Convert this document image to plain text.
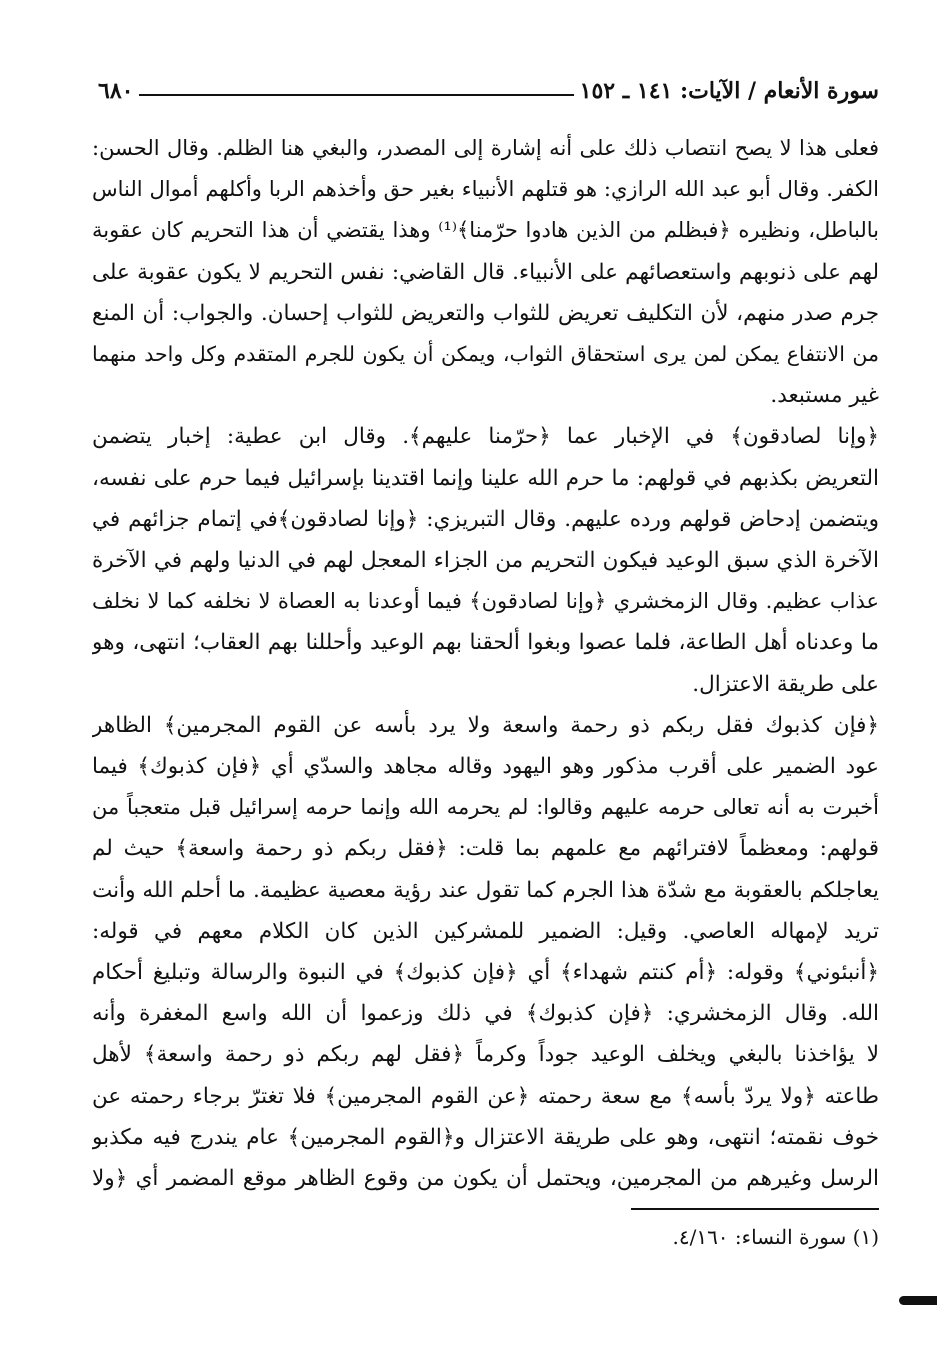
سورة الأنعام / الآيات: ١٤١ ـ ١٥٢
٦٨٠
فعلى هذا لا يصح انتصاب ذلك على أنه إشارة إلى المصدر، والبغي هنا الظلم. وقال الحسن:
الكفر. وقال أبو عبد الله الرازي: هو قتلهم الأنبياء بغير حق وأخذهم الربا وأكلهم أموال الناس
بالباطل، ونظيره ﴿فبظلم من الذين هادوا حرّمنا﴾⁽¹⁾ وهذا يقتضي أن هذا التحريم كان عقوبة
لهم على ذنوبهم واستعصائهم على الأنبياء. قال القاضي: نفس التحريم لا يكون عقوبة على
جرم صدر منهم، لأن التكليف تعريض للثواب والتعريض للثواب إحسان. والجواب: أن المنع
من الانتفاع يمكن لمن يرى استحقاق الثواب، ويمكن أن يكون للجرم المتقدم وكل واحد منهما
غير مستبعد.
﴿وإنا لصادقون﴾ في الإخبار عما ﴿حرّمنا عليهم﴾. وقال ابن عطية: إخبار يتضمن
التعريض بكذبهم في قولهم: ما حرم الله علينا وإنما اقتدينا بإسرائيل فيما حرم على نفسه،
ويتضمن إدحاض قولهم ورده عليهم. وقال التبريزي: ﴿وإنا لصادقون﴾في إتمام جزائهم في
الآخرة الذي سبق الوعيد فيكون التحريم من الجزاء المعجل لهم في الدنيا ولهم في الآخرة
عذاب عظيم. وقال الزمخشري ﴿وإنا لصادقون﴾ فيما أوعدنا به العصاة لا نخلفه كما لا نخلف
ما وعدناه أهل الطاعة، فلما عصوا وبغوا ألحقنا بهم الوعيد وأحللنا بهم العقاب؛ انتهى، وهو
على طريقة الاعتزال.
﴿فإن كذبوك فقل ربكم ذو رحمة واسعة ولا يرد بأسه عن القوم المجرمين﴾ الظاهر
عود الضمير على أقرب مذكور وهو اليهود وقاله مجاهد والسدّي أي ﴿فإن كذبوك﴾ فيما
أخبرت به أنه تعالى حرمه عليهم وقالوا: لم يحرمه الله وإنما حرمه إسرائيل قبل متعجباً من
قولهم: ومعظماً لافترائهم مع علمهم بما قلت: ﴿فقل ربكم ذو رحمة واسعة﴾ حيث لم
يعاجلكم بالعقوبة مع شدّة هذا الجرم كما تقول عند رؤية معصية عظيمة. ما أحلم الله وأنت
تريد لإمهاله العاصي. وقيل: الضمير للمشركين الذين كان الكلام معهم في قوله:
﴿أنبئوني﴾ وقوله: ﴿أم كنتم شهداء﴾ أي ﴿فإن كذبوك﴾ في النبوة والرسالة وتبليغ أحكام
الله. وقال الزمخشري: ﴿فإن كذبوك﴾ في ذلك وزعموا أن الله واسع المغفرة وأنه
لا يؤاخذنا بالبغي ويخلف الوعيد جوداً وكرماً ﴿فقل لهم ربكم ذو رحمة واسعة﴾ لأهل
طاعته ﴿ولا يردّ بأسه﴾ مع سعة رحمته ﴿عن القوم المجرمين﴾ فلا تغترّ برجاء رحمته عن
خوف نقمته؛ انتهى، وهو على طريقة الاعتزال و﴿القوم المجرمين﴾ عام يندرج فيه مكذبو
الرسل وغيرهم من المجرمين، ويحتمل أن يكون من وقوع الظاهر موقع المضمر أي ﴿ولا
(١) سورة النساء: ٤/١٦٠.
